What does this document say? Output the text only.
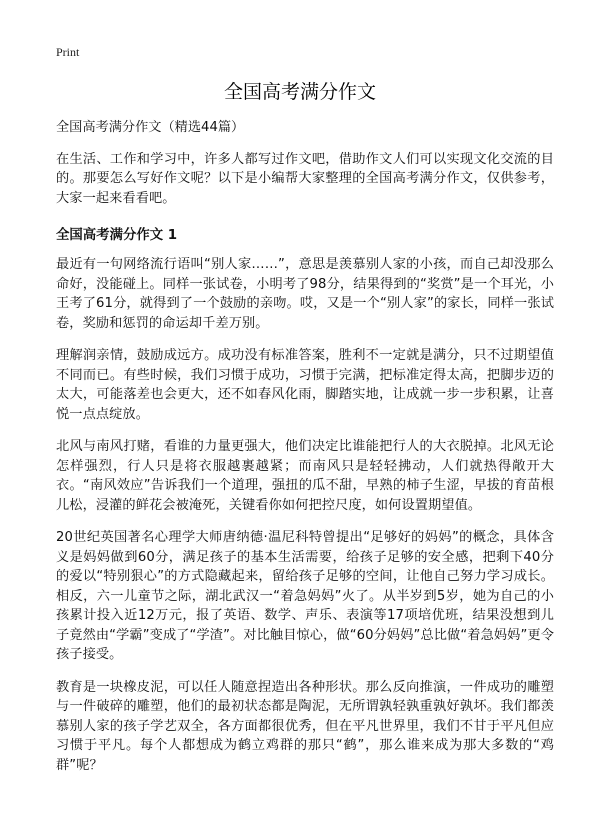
Print
全国高考满分作文

全国高考满分作文（精选44篇）

在生活、工作和学习中，许多人都写过作文吧，借助作文人们可以实现文化交流的目的。那要怎么写好作文呢？以下是小编帮大家整理的全国高考满分作文，仅供参考，大家一起来看看吧。

全国高考满分作文 1

最近有一句网络流行语叫“别人家……”，意思是羡慕别人家的小孩，而自己却没那么命好，没能碰上。同样一张试卷，小明考了98分，结果得到的“奖赏”是一个耳光，小王考了61分，就得到了一个鼓励的亲吻。哎，又是一个“别人家”的家长，同样一张试卷，奖励和惩罚的命运却千差万别。

理解润亲情，鼓励成远方。成功没有标准答案，胜利不一定就是满分，只不过期望值不同而已。有些时候，我们习惯于成功，习惯于完满，把标准定得太高，把脚步迈的太大，可能落差也会更大，还不如春风化雨，脚踏实地，让成就一步一步积累，让喜悦一点点绽放。

北风与南风打赌，看谁的力量更强大，他们决定比谁能把行人的大衣脱掉。北风无论怎样强烈，行人只是将衣服越裹越紧；而南风只是轻轻拂动，人们就热得敞开大衣。“南风效应”告诉我们一个道理，强扭的瓜不甜，早熟的柿子生涩，早拔的育苗根儿松，浸灌的鲜花会被淹死，关键看你如何把控尺度，如何设置期望值。

20世纪英国著名心理学大师唐纳德·温尼科特曾提出“足够好的妈妈”的概念，具体含义是妈妈做到60分，满足孩子的基本生活需要，给孩子足够的安全感，把剩下40分的爱以“特别狠心”的方式隐藏起来，留给孩子足够的空间，让他自己努力学习成长。相反，六一儿童节之际，湖北武汉一“着急妈妈”火了。从半岁到5岁，她为自己的小孩累计投入近12万元，报了英语、数学、声乐、表演等17项培优班，结果没想到儿子竟然由“学霸”变成了“学渣”。对比触目惊心，做“60分妈妈”总比做“着急妈妈”更令孩子接受。

教育是一块橡皮泥，可以任人随意捏造出各种形状。那么反向推演，一件成功的雕塑与一件破碎的雕塑，他们的最初状态都是陶泥，无所谓孰轻孰重孰好孰坏。我们都羡慕别人家的孩子学艺双全，各方面都很优秀，但在平凡世界里，我们不甘于平凡但应习惯于平凡。每个人都想成为鹤立鸡群的那只“鹤”，那么谁来成为那大多数的“鸡群”呢？
